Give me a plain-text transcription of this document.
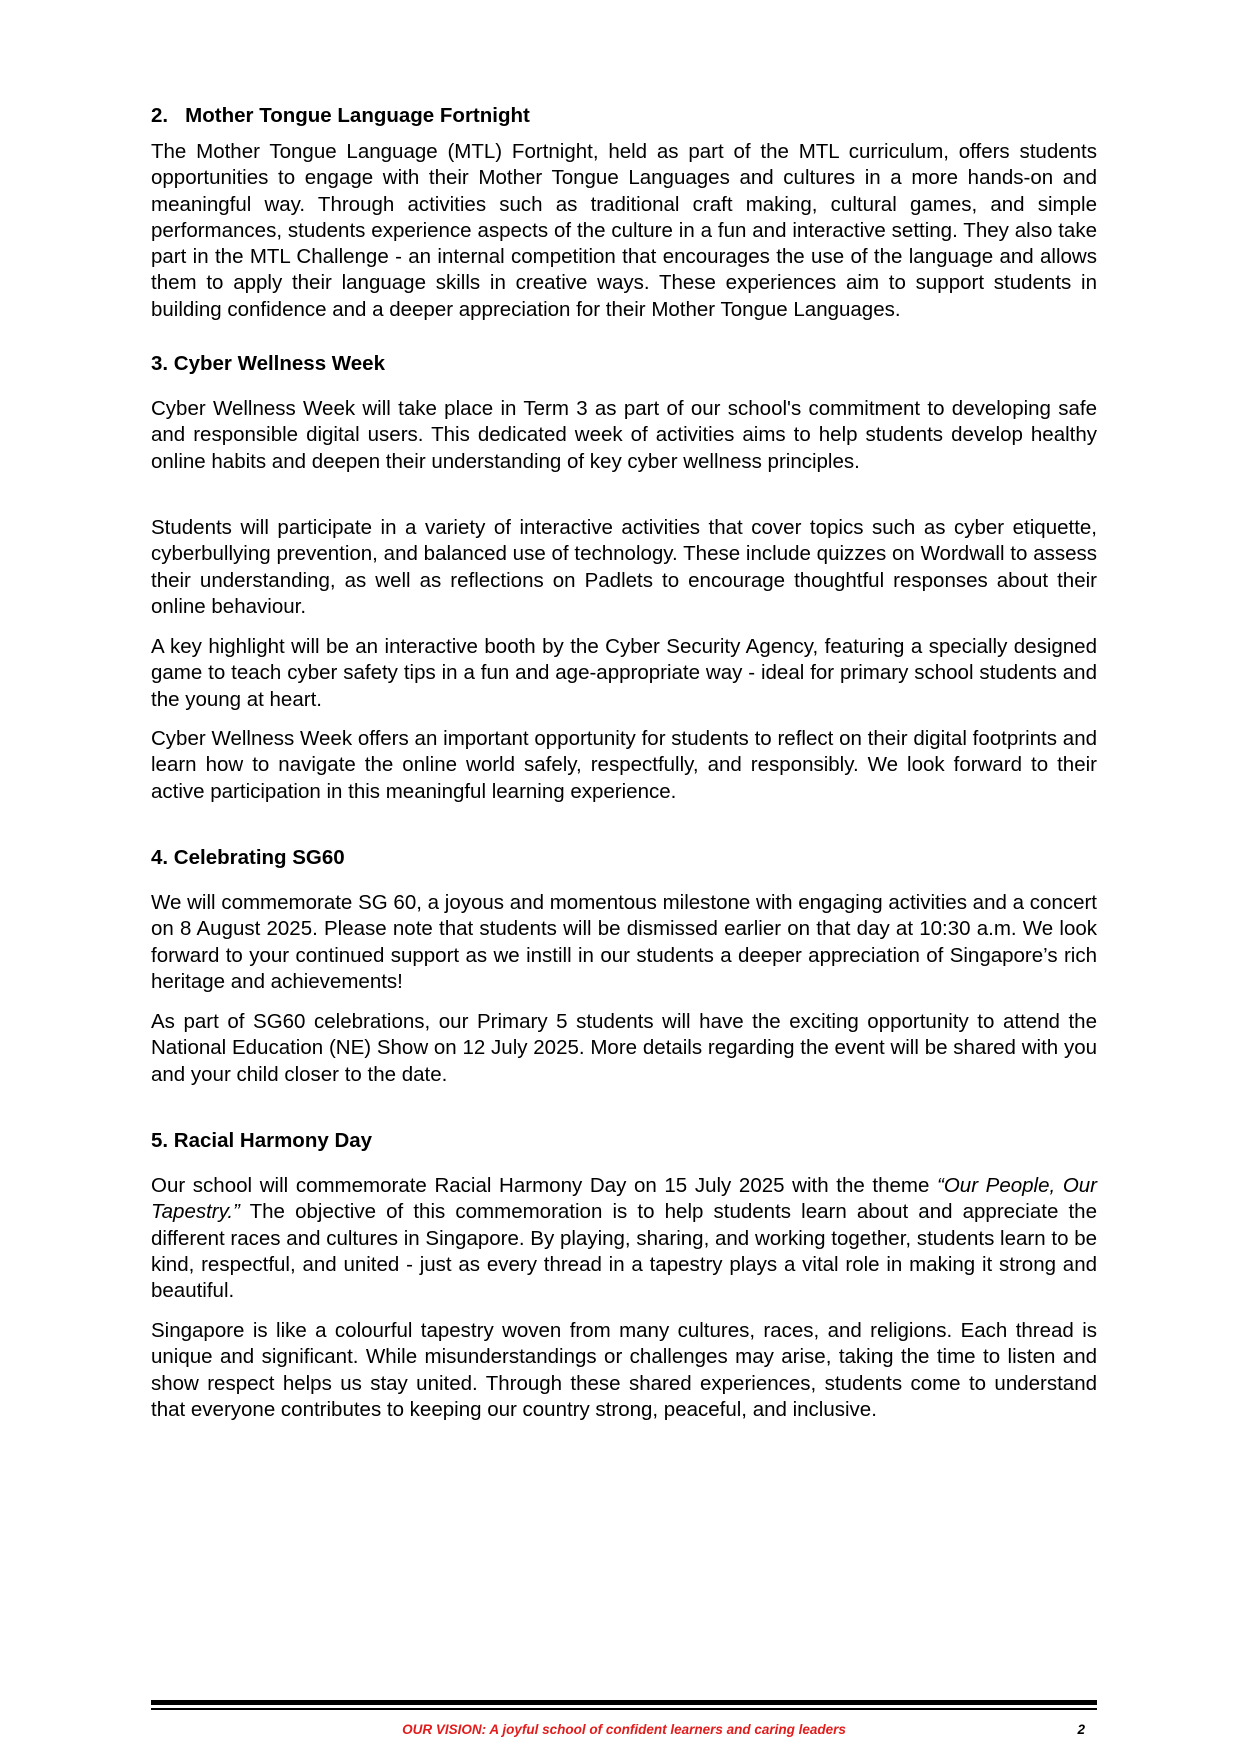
2.   Mother Tongue Language Fortnight

The Mother Tongue Language (MTL) Fortnight, held as part of the MTL curriculum, offers students opportunities to engage with their Mother Tongue Languages and cultures in a more hands-on and meaningful way. Through activities such as traditional craft making, cultural games, and simple performances, students experience aspects of the culture in a fun and interactive setting. They also take part in the MTL Challenge - an internal competition that encourages the use of the language and allows them to apply their language skills in creative ways. These experiences aim to support students in building confidence and a deeper appreciation for their Mother Tongue Languages.

3. Cyber Wellness Week

Cyber Wellness Week will take place in Term 3 as part of our school's commitment to developing safe and responsible digital users. This dedicated week of activities aims to help students develop healthy online habits and deepen their understanding of key cyber wellness principles.

Students will participate in a variety of interactive activities that cover topics such as cyber etiquette, cyberbullying prevention, and balanced use of technology. These include quizzes on Wordwall to assess their understanding, as well as reflections on Padlets to encourage thoughtful responses about their online behaviour.

A key highlight will be an interactive booth by the Cyber Security Agency, featuring a specially designed game to teach cyber safety tips in a fun and age-appropriate way - ideal for primary school students and the young at heart.

Cyber Wellness Week offers an important opportunity for students to reflect on their digital footprints and learn how to navigate the online world safely, respectfully, and responsibly. We look forward to their active participation in this meaningful learning experience.

4. Celebrating SG60

We will commemorate SG 60, a joyous and momentous milestone with engaging activities and a concert on 8 August 2025. Please note that students will be dismissed earlier on that day at 10:30 a.m. We look forward to your continued support as we instill in our students a deeper appreciation of Singapore’s rich heritage and achievements!

As part of SG60 celebrations, our Primary 5 students will have the exciting opportunity to attend the National Education (NE) Show on 12 July 2025. More details regarding the event will be shared with you and your child closer to the date.

5. Racial Harmony Day

Our school will commemorate Racial Harmony Day on 15 July 2025 with the theme “Our People, Our Tapestry.” The objective of this commemoration is to help students learn about and appreciate the different races and cultures in Singapore. By playing, sharing, and working together, students learn to be kind, respectful, and united - just as every thread in a tapestry plays a vital role in making it strong and beautiful.

Singapore is like a colourful tapestry woven from many cultures, races, and religions. Each thread is unique and significant. While misunderstandings or challenges may arise, taking the time to listen and show respect helps us stay united. Through these shared experiences, students come to understand that everyone contributes to keeping our country strong, peaceful, and inclusive.

OUR VISION: A joyful school of confident learners and caring leaders	2
